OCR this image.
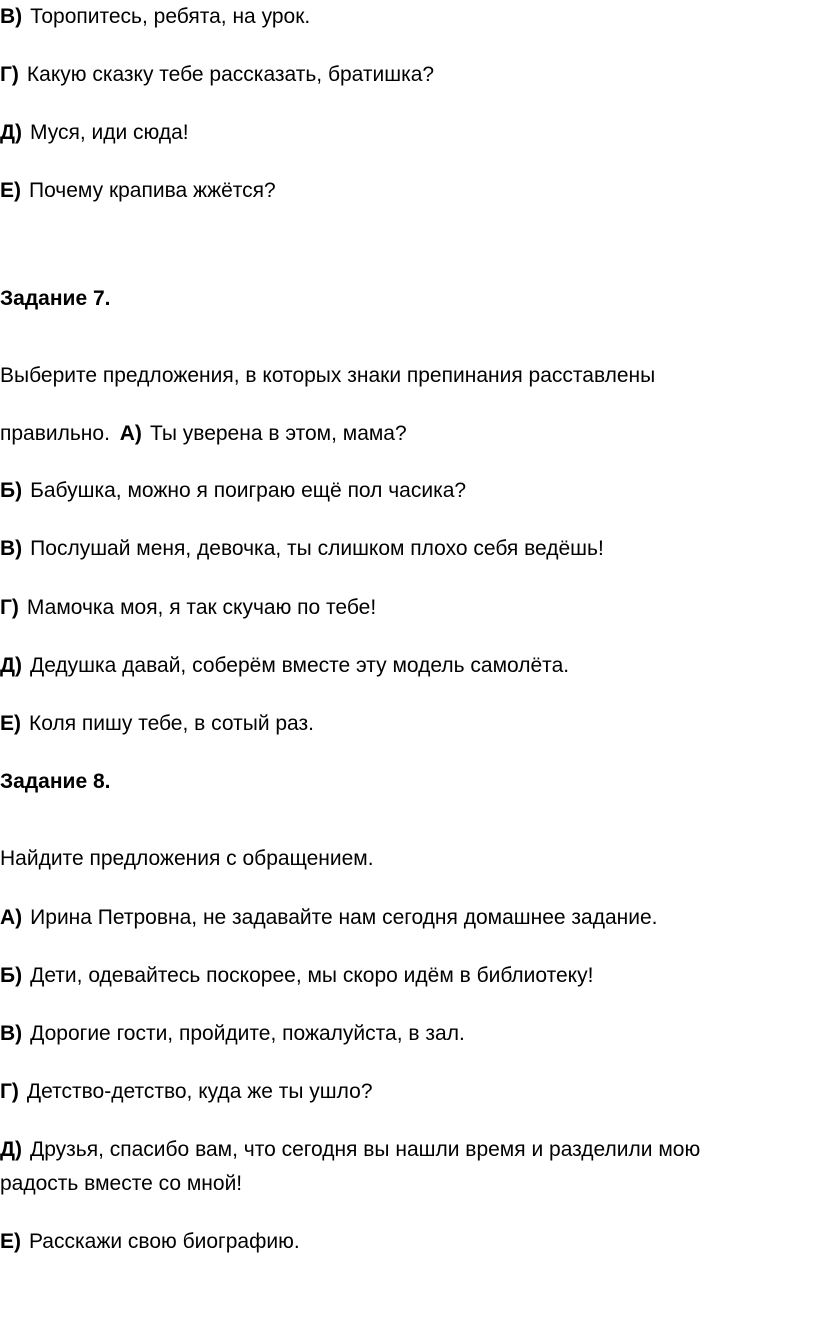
В) Торопитесь, ребята, на урок.

Г) Какую сказку тебе рассказать, братишка?

Д) Муся, иди сюда!

Е) Почему крапива жжётся?

Задание 7.

Выберите предложения, в которых знаки препинания расставлены

правильно. А) Ты уверена в этом, мама?

Б) Бабушка, можно я поиграю ещё пол часика?

В) Послушай меня, девочка, ты слишком плохо себя ведёшь!

Г) Мамочка моя, я так скучаю по тебе!

Д) Дедушка давай, соберём вместе эту модель самолёта.

Е) Коля пишу тебе, в сотый раз.

Задание 8.

Найдите предложения с обращением.

А) Ирина Петровна, не задавайте нам сегодня домашнее задание.

Б) Дети, одевайтесь поскорее, мы скоро идём в библиотеку!

В) Дорогие гости, пройдите, пожалуйста, в зал.

Г) Детство-детство, куда же ты ушло?

Д) Друзья, спасибо вам, что сегодня вы нашли время и разделили мою

радость вместе со мной!

Е) Расскажи свою биографию.
